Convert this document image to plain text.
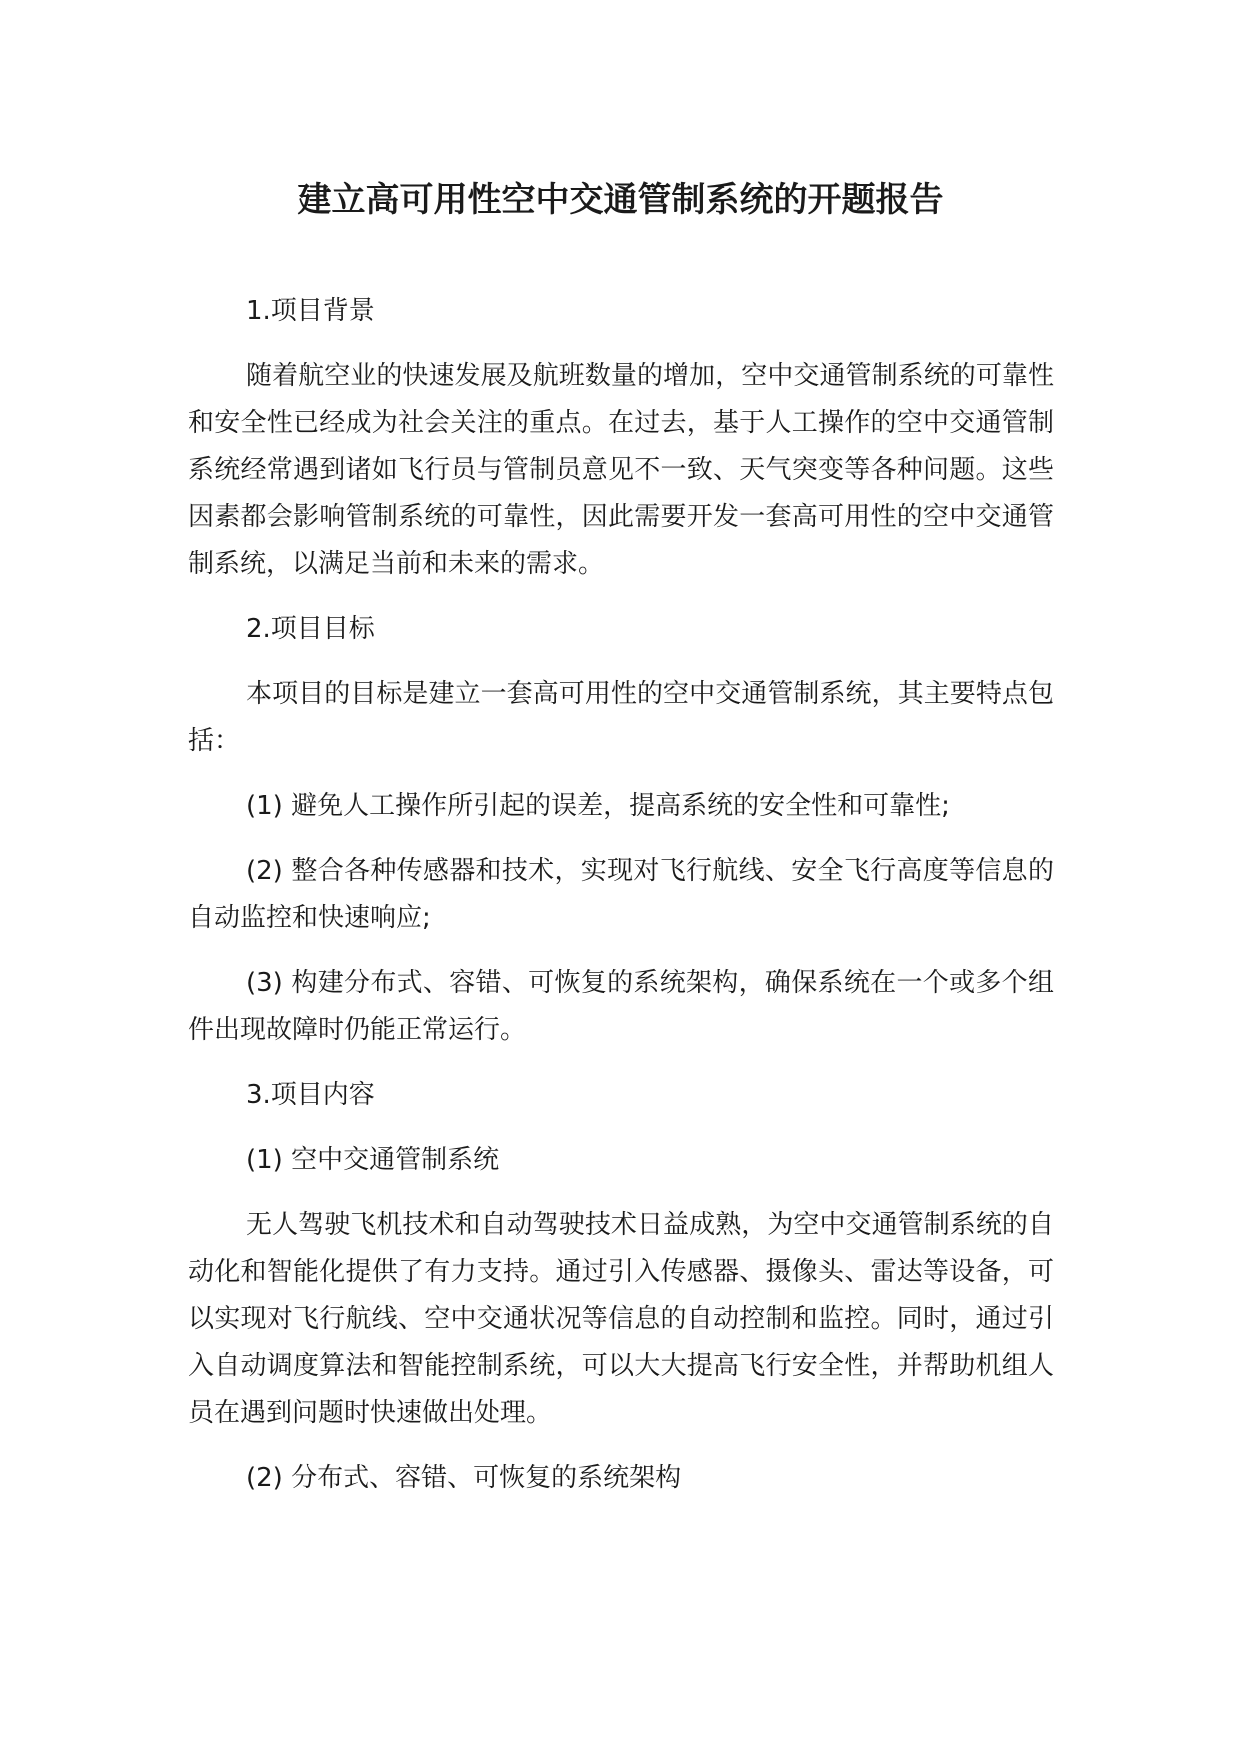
建立高可用性空中交通管制系统的开题报告

1.项目背景

随着航空业的快速发展及航班数量的增加，空中交通管制系统的可靠性和安全性已经成为社会关注的重点。在过去，基于人工操作的空中交通管制系统经常遇到诸如飞行员与管制员意见不一致、天气突变等各种问题。这些因素都会影响管制系统的可靠性，因此需要开发一套高可用性的空中交通管制系统，以满足当前和未来的需求。

2.项目目标

本项目的目标是建立一套高可用性的空中交通管制系统，其主要特点包括：

(1) 避免人工操作所引起的误差，提高系统的安全性和可靠性;

(2) 整合各种传感器和技术，实现对飞行航线、安全飞行高度等信息的自动监控和快速响应;

(3) 构建分布式、容错、可恢复的系统架构，确保系统在一个或多个组件出现故障时仍能正常运行。

3.项目内容

(1) 空中交通管制系统

无人驾驶飞机技术和自动驾驶技术日益成熟，为空中交通管制系统的自动化和智能化提供了有力支持。通过引入传感器、摄像头、雷达等设备，可以实现对飞行航线、空中交通状况等信息的自动控制和监控。同时，通过引入自动调度算法和智能控制系统，可以大大提高飞行安全性，并帮助机组人员在遇到问题时快速做出处理。

(2) 分布式、容错、可恢复的系统架构
